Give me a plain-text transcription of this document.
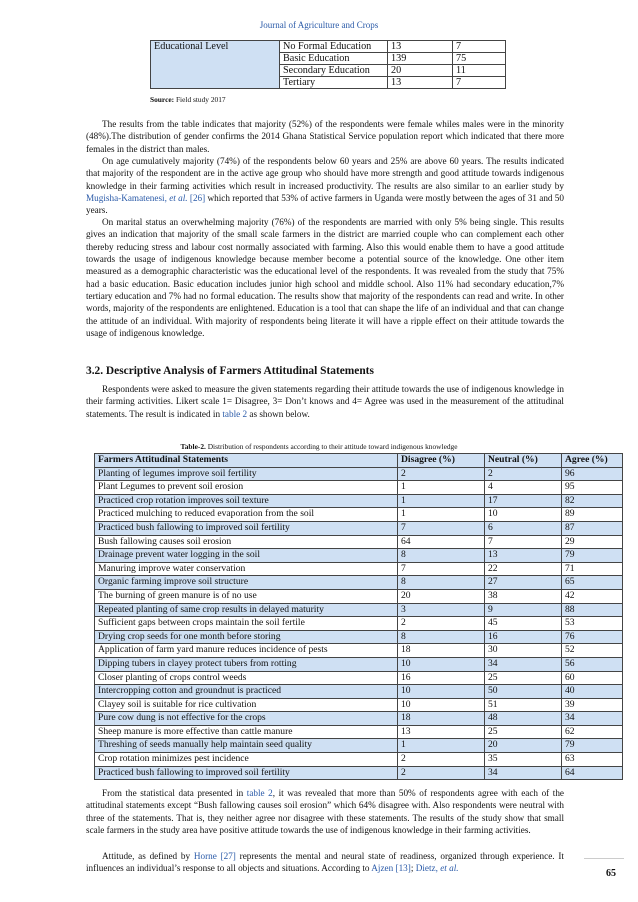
Journal of Agriculture and Crops
Educational Level	No Formal Education	13	7
	Basic Education	139	75
	Secondary Education	20	11
	Tertiary	13	7
Source: Field study 2017

The results from the table indicates that majority (52%) of the respondents were female whiles males were in the minority (48%).The distribution of gender confirms the 2014 Ghana Statistical Service population report which indicated that there more females in the district than males.

On age cumulatively majority (74%) of the respondents below 60 years and 25% are above 60 years. The results indicated that majority of the respondent are in the active age group who should have more strength and good attitude towards indigenous knowledge in their farming activities which result in increased productivity. The results are also similar to an earlier study by Mugisha-Kamatenesi, et al. [26] which reported that 53% of active farmers in Uganda were mostly between the ages of 31 and 50 years.

On marital status an overwhelming majority (76%) of the respondents are married with only 5% being single. This results gives an indication that majority of the small scale farmers in the district are married couple who can complement each other thereby reducing stress and labour cost normally associated with farming. Also this would enable them to have a good attitude towards the usage of indigenous knowledge because member become a potential source of the knowledge. One other item measured as a demographic characteristic was the educational level of the respondents. It was revealed from the study that 75% had a basic education. Basic education includes junior high school and middle school. Also 11% had secondary education,7% tertiary education and 7% had no formal education. The results show that majority of the respondents can read and write. In other words, majority of the respondents are enlightened. Education is a tool that can shape the life of an individual and that can change the attitude of an individual. With majority of respondents being literate it will have a ripple effect on their attitude towards the usage of indigenous knowledge.

3.2. Descriptive Analysis of Farmers Attitudinal Statements

Respondents were asked to measure the given statements regarding their attitude towards the use of indigenous knowledge in their farming activities. Likert scale 1= Disagree, 3= Don’t knows and 4= Agree was used in the measurement of the attitudinal statements. The result is indicated in table 2 as shown below.

Table-2. Distribution of respondents according to their attitude toward indigenous knowledge
Farmers Attitudinal Statements	Disagree (%)	Neutral (%)	Agree (%)
Planting of legumes improve soil fertility	2	2	96
Plant Legumes to prevent soil erosion	1	4	95
Practiced crop rotation improves soil texture	1	17	82
Practiced mulching to reduced evaporation from the soil	1	10	89
Practiced bush fallowing to improved soil fertility	7	6	87
Bush fallowing causes soil erosion	64	7	29
Drainage prevent water logging in the soil	8	13	79
Manuring improve water conservation	7	22	71
Organic farming improve soil structure	8	27	65
The burning of green manure is of no use	20	38	42
Repeated planting of same crop results in delayed maturity	3	9	88
Sufficient gaps between crops maintain the soil fertile	2	45	53
Drying crop seeds for one month before storing	8	16	76
Application of farm yard manure reduces incidence of pests	18	30	52
Dipping tubers in clayey protect tubers from rotting	10	34	56
Closer planting of crops control weeds	16	25	60
Intercropping cotton and groundnut is practiced	10	50	40
Clayey soil is suitable for rice cultivation	10	51	39
Pure cow dung is not effective for the crops	18	48	34
Sheep manure is more effective than cattle manure	13	25	62
Threshing of seeds manually help maintain seed quality	1	20	79
Crop rotation minimizes pest incidence	2	35	63
Practiced bush fallowing to improved soil fertility	2	34	64

From the statistical data presented in table 2, it was revealed that more than 50% of respondents agree with each of the attitudinal statements except “Bush fallowing causes soil erosion” which 64% disagree with. Also respondents were neutral with three of the statements. That is, they neither agree nor disagree with these statements. The results of the study show that small scale farmers in the study area have positive attitude towards the use of indigenous knowledge in their farming activities.

Attitude, as defined by Horne [27] represents the mental and neural state of readiness, organized through experience. It influences an individual’s response to all objects and situations. According to Ajzen [13]; Dietz, et al.	65
